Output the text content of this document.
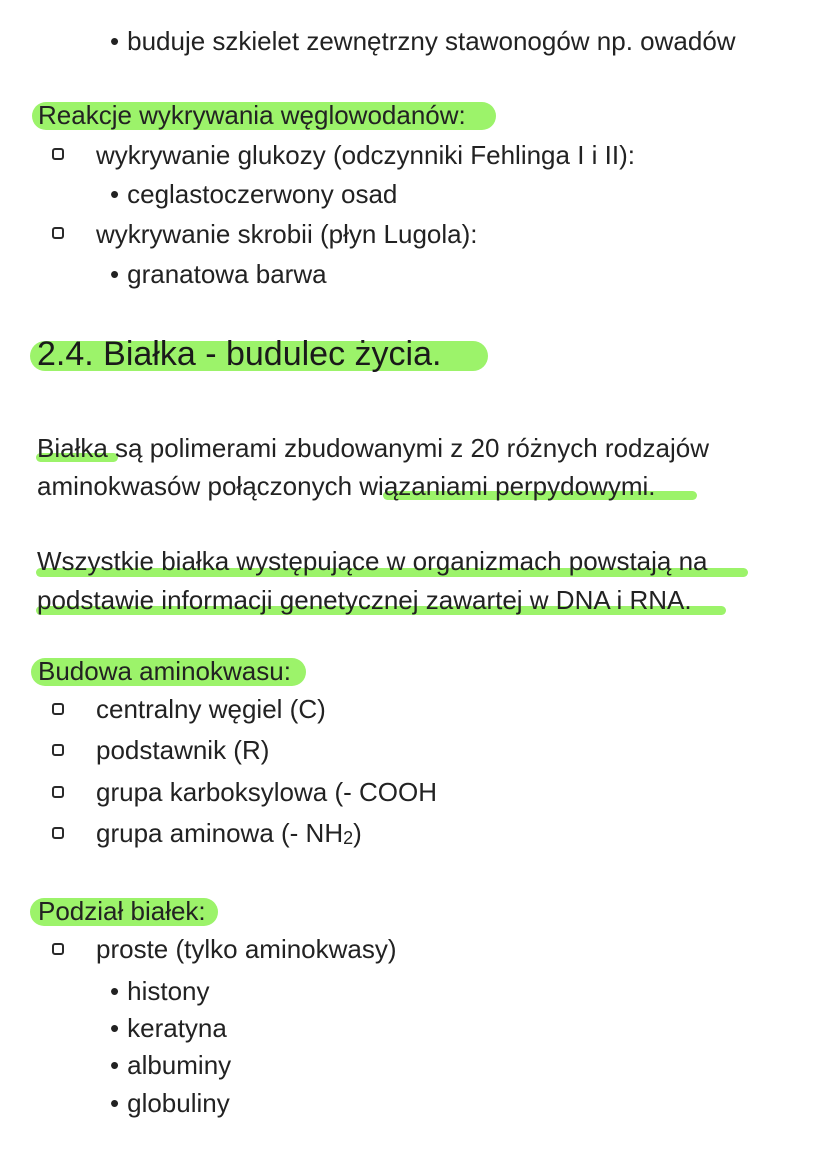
• buduje szkielet zewnętrzny stawonogów np. owadów
Reakcje wykrywania węglowodanów:
wykrywanie glukozy (odczynniki Fehlinga I i II):
• ceglastoczerwony osad
wykrywanie skrobii (płyn Lugola):
• granatowa barwa
2.4. Białka - budulec życia.
Białka są polimerami zbudowanymi z 20 różnych rodzajów
aminokwasów połączonych wiązaniami perpydowymi.
Wszystkie białka występujące w organizmach powstają na
podstawie informacji genetycznej zawartej w DNA i RNA.
Budowa aminokwasu:
centralny węgiel (C)
podstawnik (R)
grupa karboksylowa (- COOH
grupa aminowa (- $NH_2$)
Podział białek:
proste (tylko aminokwasy)
• histony
• keratyna
• albuminy
• globuliny
